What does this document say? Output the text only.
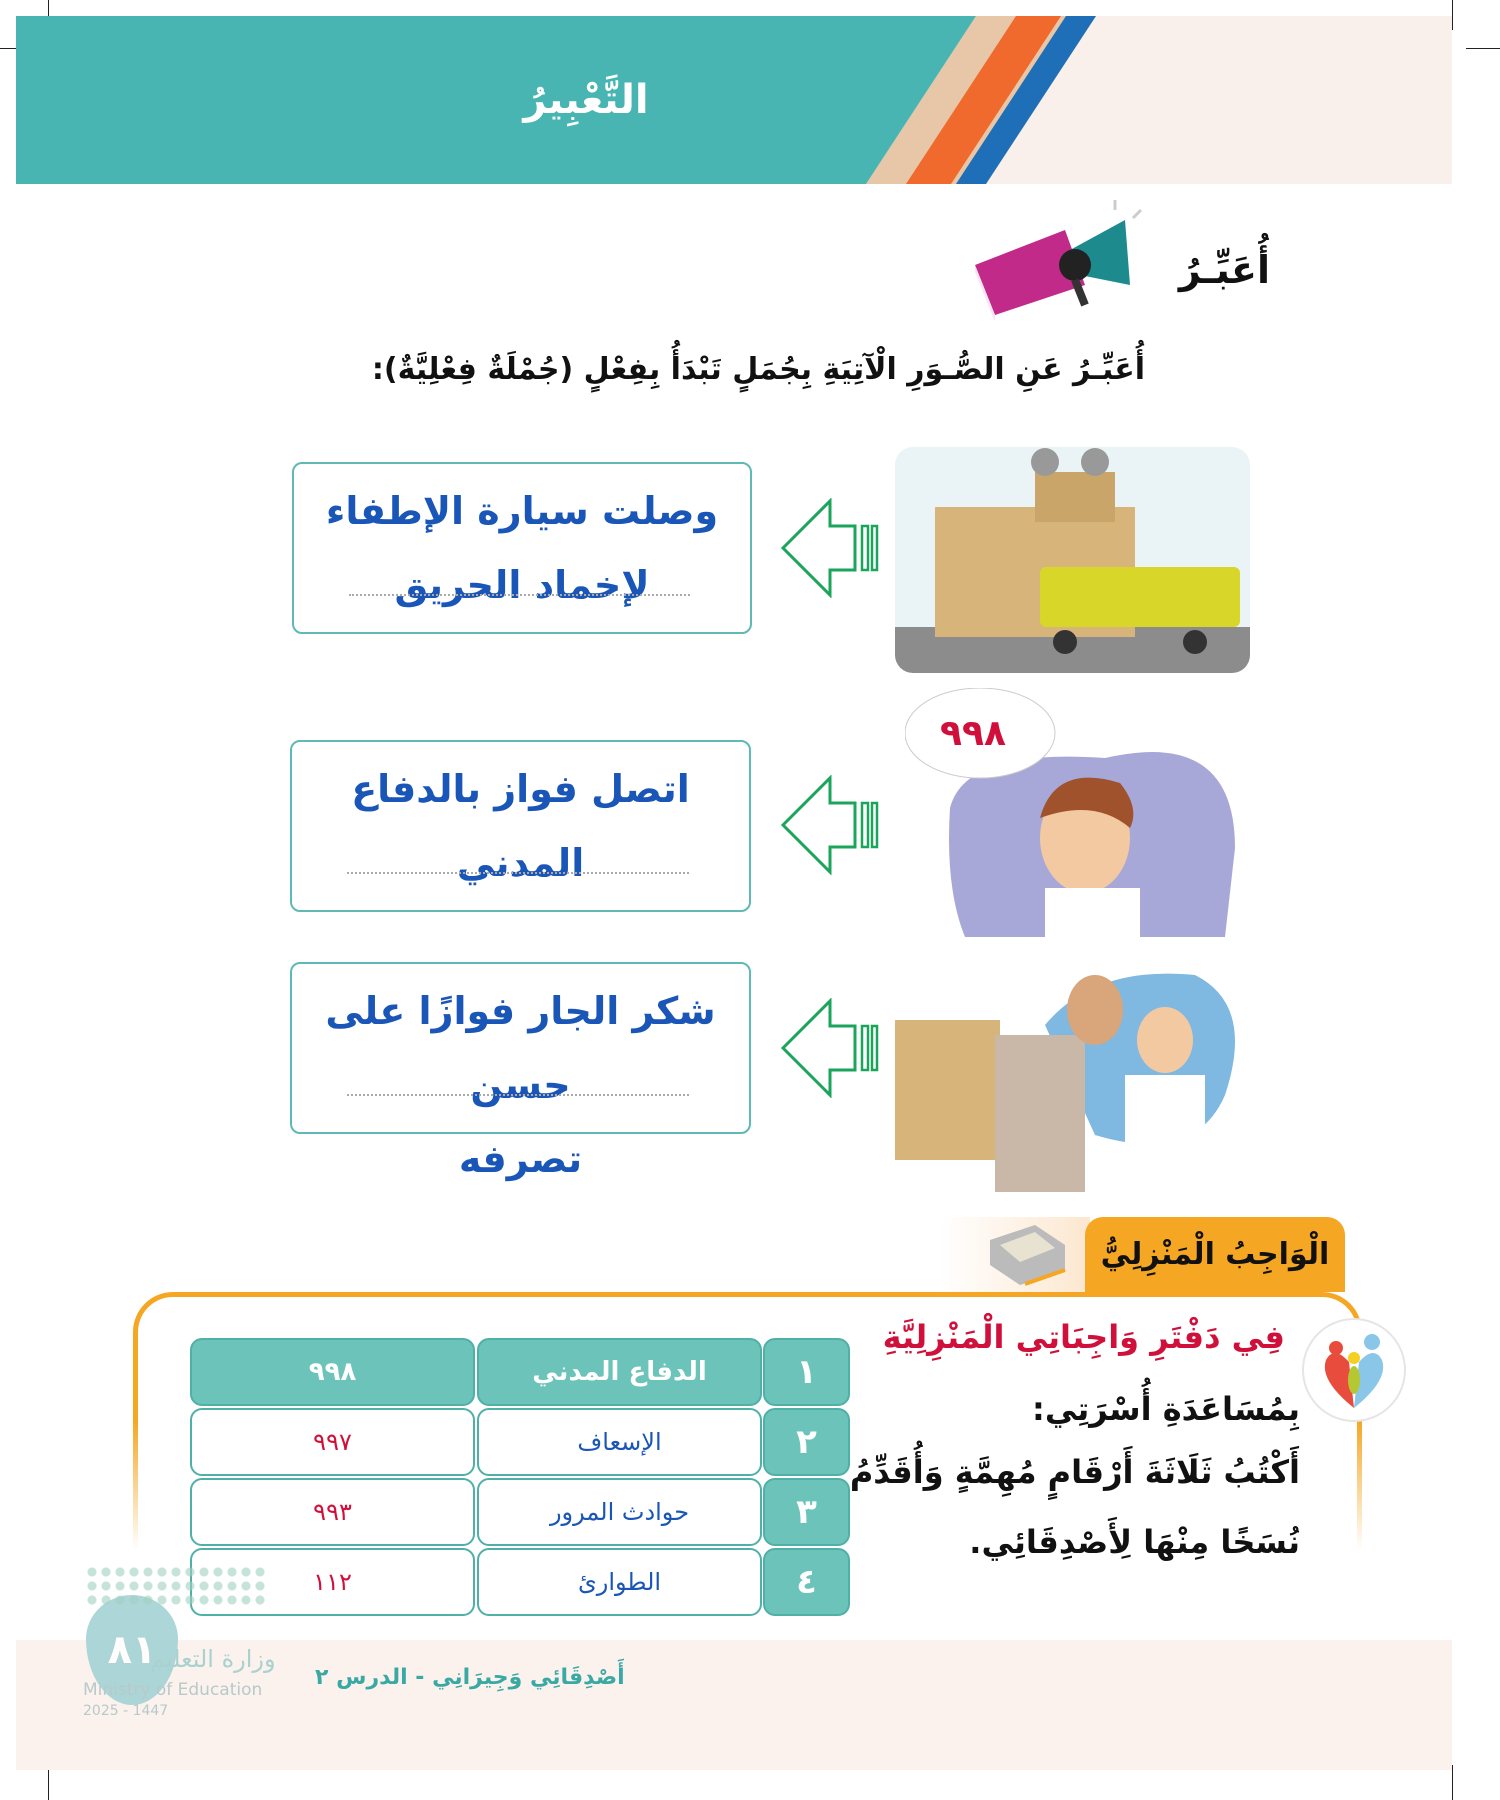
التَّعْبِيرُ
أُعَبِّـرُ
أُعَبِّـرُ عَنِ الصُّـوَرِ الْآتِيَةِ بِجُمَلٍ تَبْدَأُ بِفِعْلٍ (جُمْلَةٌ فِعْلِيَّةٌ):
وصلت سيارة الإطفاء
لإخماد الحريق
اتصل فواز بالدفاع المدني
٩٩٨
شكر الجار فوازًا على حسن
تصرفه
الْوَاجِبُ الْمَنْزِلِيُّ
فِي دَفْتَرِ وَاجِبَاتِي الْمَنْزِلِيَّةِ
بِمُسَاعَدَةِ أُسْرَتِي:
أَكْتُبُ ثَلَاثَةَ أَرْقَامٍ مُهِمَّةٍ وَأُقَدِّمُ
نُسَخًا مِنْهَا لِأَصْدِقَائِي.
١
الدفاع المدني
٩٩٨
٢
الإسعاف
٩٩٧
٣
حوادث المرور
٩٩٣
٤
الطوارئ
١١٢
٨١
وزارة التعليم
Ministry of Education
2025 - 1447
أَصْدِقَائِي وَجِيرَانِي - الدرس ٢
